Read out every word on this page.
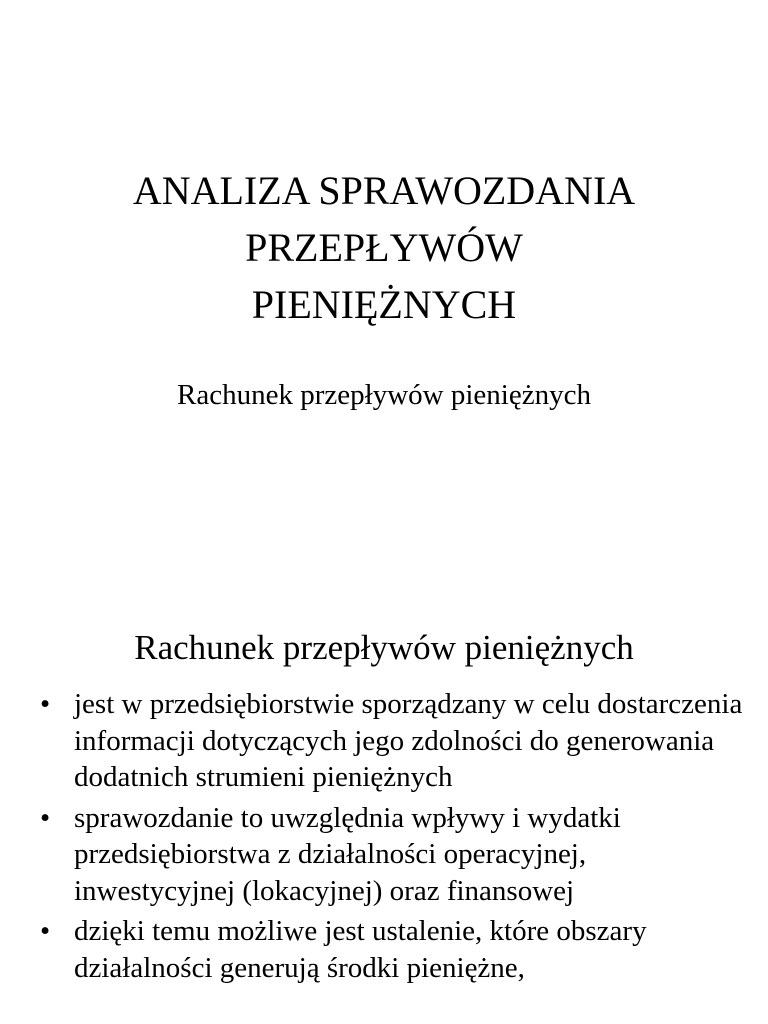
ANALIZA SPRAWOZDANIA
PRZEPŁYWÓW
PIENIĘŻNYCH

Rachunek przepływów pieniężnych

Rachunek przepływów pieniężnych
• jest w przedsiębiorstwie sporządzany w celu dostarczenia informacji dotyczących jego zdolności do generowania dodatnich strumieni pieniężnych
• sprawozdanie to uwzględnia wpływy i wydatki przedsiębiorstwa z działalności operacyjnej, inwestycyjnej (lokacyjnej) oraz finansowej
• dzięki temu możliwe jest ustalenie, które obszary działalności generują środki pieniężne,
